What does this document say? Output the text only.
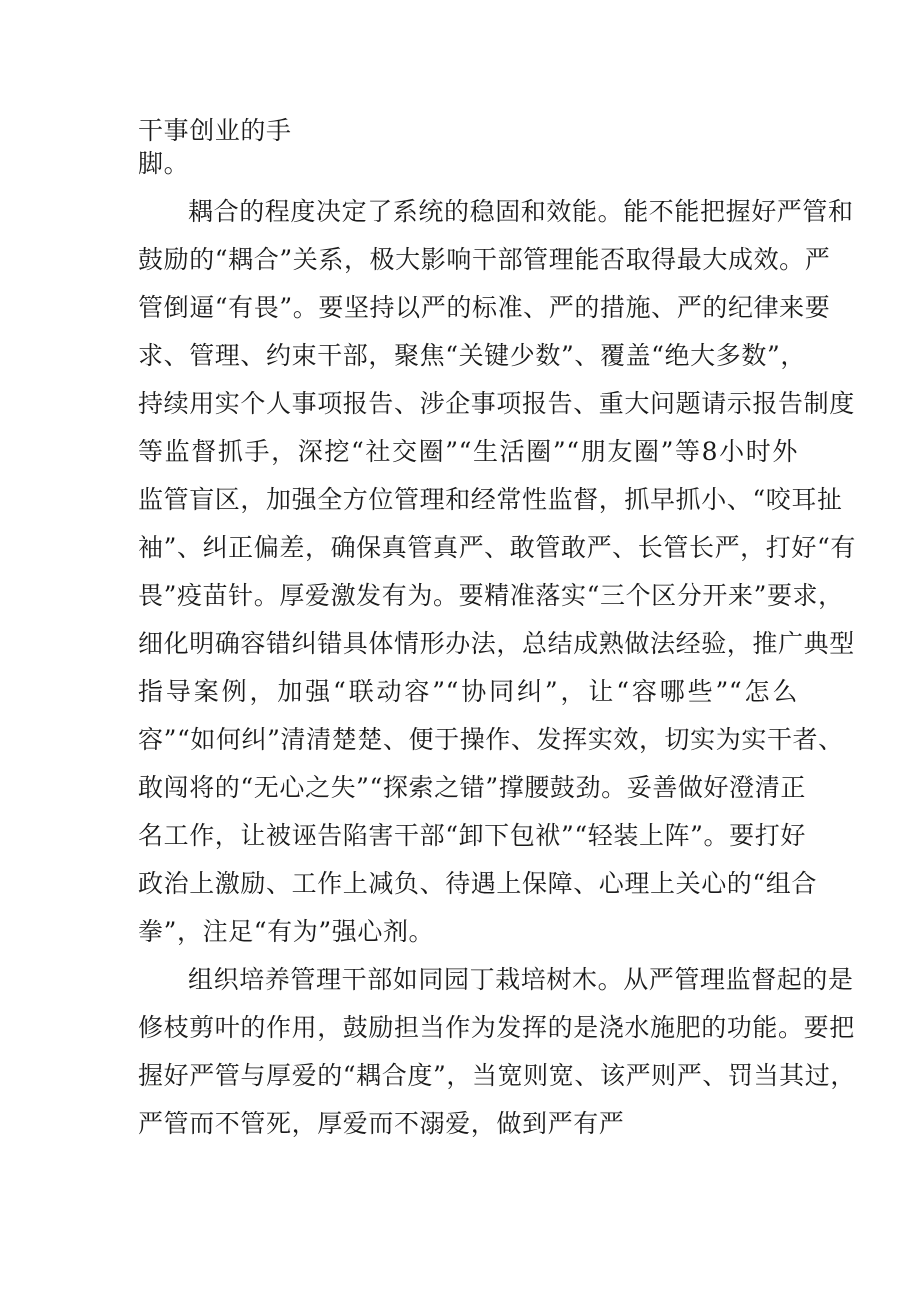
干事创业的手
脚。
耦合的程度决定了系统的稳固和效能。能不能把握好严管和
鼓励的“耦合”关系，极大影响干部管理能否取得最大成效。严
管倒逼“有畏”。要坚持以严的标准、严的措施、严的纪律来要
求、管理、约束干部，聚焦“关键少数”、覆盖“绝大多数”，
持续用实个人事项报告、涉企事项报告、重大问题请示报告制度
等监督抓手，深挖“社交圈”“生活圈”“朋友圈”等8小时外
监管盲区，加强全方位管理和经常性监督，抓早抓小、“咬耳扯
袖”、纠正偏差，确保真管真严、敢管敢严、长管长严，打好“有
畏”疫苗针。厚爱激发有为。要精准落实“三个区分开来”要求，
细化明确容错纠错具体情形办法，总结成熟做法经验，推广典型
指导案例，加强“联动容”“协同纠”，让“容哪些”“怎么
容”“如何纠”清清楚楚、便于操作、发挥实效，切实为实干者、
敢闯将的“无心之失”“探索之错”撑腰鼓劲。妥善做好澄清正
名工作，让被诬告陷害干部“卸下包袱”“轻装上阵”。要打好
政治上激励、工作上减负、待遇上保障、心理上关心的“组合
拳”，注足“有为”强心剂。
组织培养管理干部如同园丁栽培树木。从严管理监督起的是
修枝剪叶的作用，鼓励担当作为发挥的是浇水施肥的功能。要把
握好严管与厚爱的“耦合度”，当宽则宽、该严则严、罚当其过，
严管而不管死，厚爱而不溺爱，做到严有严
